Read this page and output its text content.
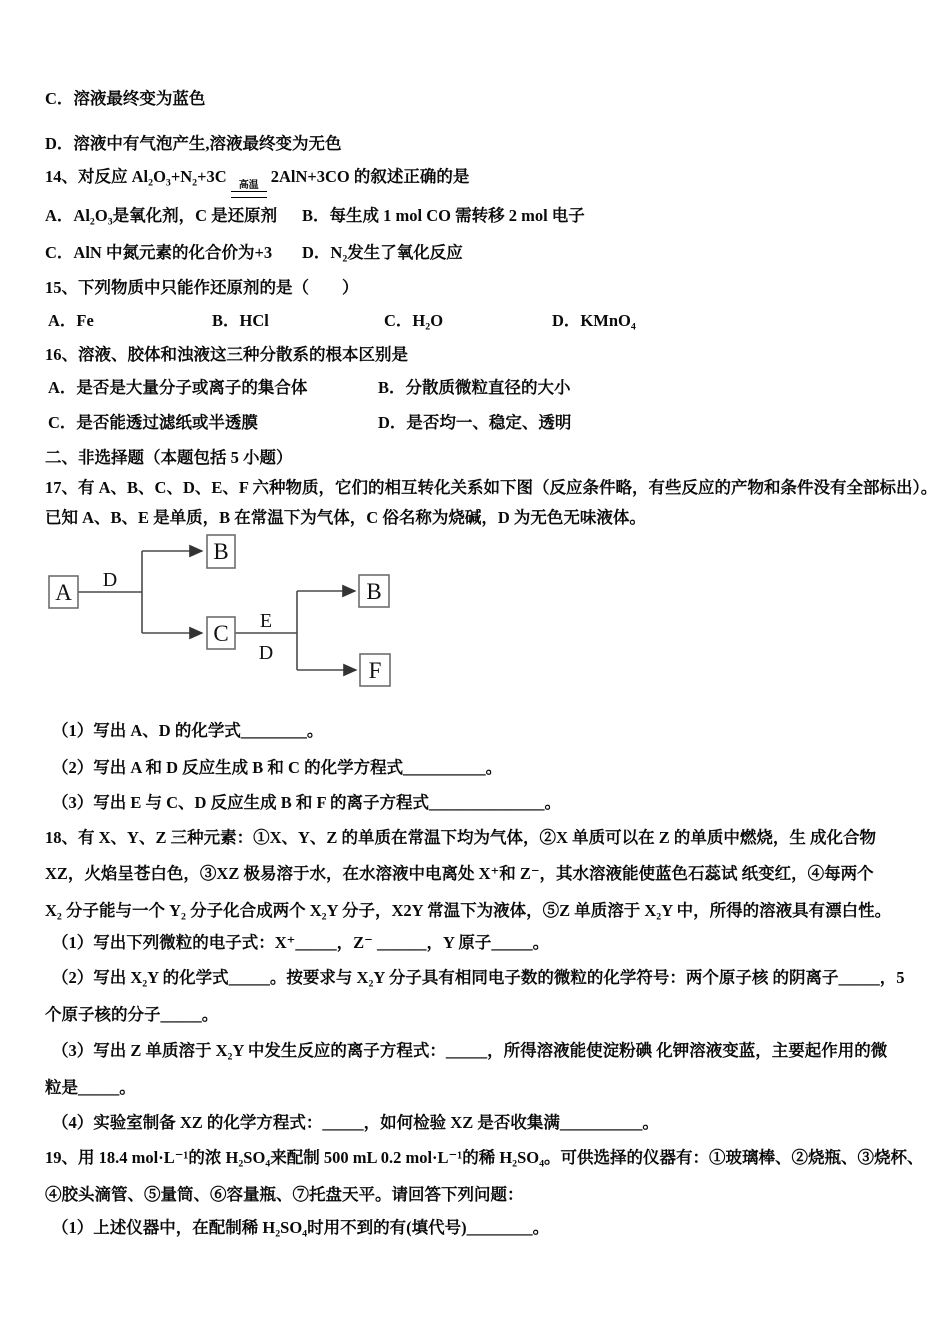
C．溶液最终变为蓝色

D．溶液中有气泡产生,溶液最终变为无色

14、对反应 Al₂O₃+N₂+3C 高温 2AlN+3CO 的叙述正确的是

A．Al₂O₃是氧化剂，C 是还原剂 B．每生成 1 mol CO 需转移 2 mol 电子

C．AlN 中氮元素的化合价为+3 D．N₂发生了氧化反应

15、下列物质中只能作还原剂的是（        ）

A．Fe	B．HCl	C．H₂O	D．KMnO₄

16、溶液、胶体和浊液这三种分散系的根本区别是

A．是否是大量分子或离子的集合体	B．分散质微粒直径的大小

C．是否能透过滤纸或半透膜	D．是否均一、稳定、透明

二、非选择题（本题包括 5 小题）

17、有 A、B、C、D、E、F 六种物质，它们的相互转化关系如下图（反应条件略，有些反应的产物和条件没有全部标出）。

已知 A、B、E 是单质，B 在常温下为气体，C 俗名称为烧碱，D 为无色无味液体。

A
B
C
B
F
D
E
D

（1）写出 A、D 的化学式________。

（2）写出 A 和 D 反应生成 B 和 C 的化学方程式__________。

（3）写出 E 与 C、D 反应生成 B 和 F 的离子方程式______________。

18、有 X、Y、Z 三种元素：①X、Y、Z 的单质在常温下均为气体，②X 单质可以在 Z 的单质中燃烧，生 成化合物

XZ，火焰呈苍白色，③XZ 极易溶于水，在水溶液中电离处 X⁺和 Z⁻，其水溶液能使蓝色石蕊试 纸变红，④每两个

X₂ 分子能与一个 Y₂ 分子化合成两个 X₂Y 分子，X2Y 常温下为液体，⑤Z 单质溶于 X₂Y 中，所得的溶液具有漂白性。

（1）写出下列微粒的电子式：X⁺_____，Z⁻ ______，Y 原子_____。

（2）写出 X₂Y 的化学式_____。按要求与 X₂Y 分子具有相同电子数的微粒的化学符号：两个原子核 的阴离子_____，5

个原子核的分子_____。

（3）写出 Z 单质溶于 X₂Y 中发生反应的离子方程式：_____，所得溶液能使淀粉碘 化钾溶液变蓝，主要起作用的微

粒是_____。

（4）实验室制备 XZ 的化学方程式：_____，如何检验 XZ 是否收集满__________。

19、用 18.4 mol·L⁻¹的浓 H₂SO₄来配制 500 mL 0.2 mol·L⁻¹的稀 H₂SO₄。可供选择的仪器有：①玻璃棒、②烧瓶、③烧杯、

④胶头滴管、⑤量筒、⑥容量瓶、⑦托盘天平。请回答下列问题：

（1）上述仪器中，在配制稀 H₂SO₄时用不到的有(填代号)________。
